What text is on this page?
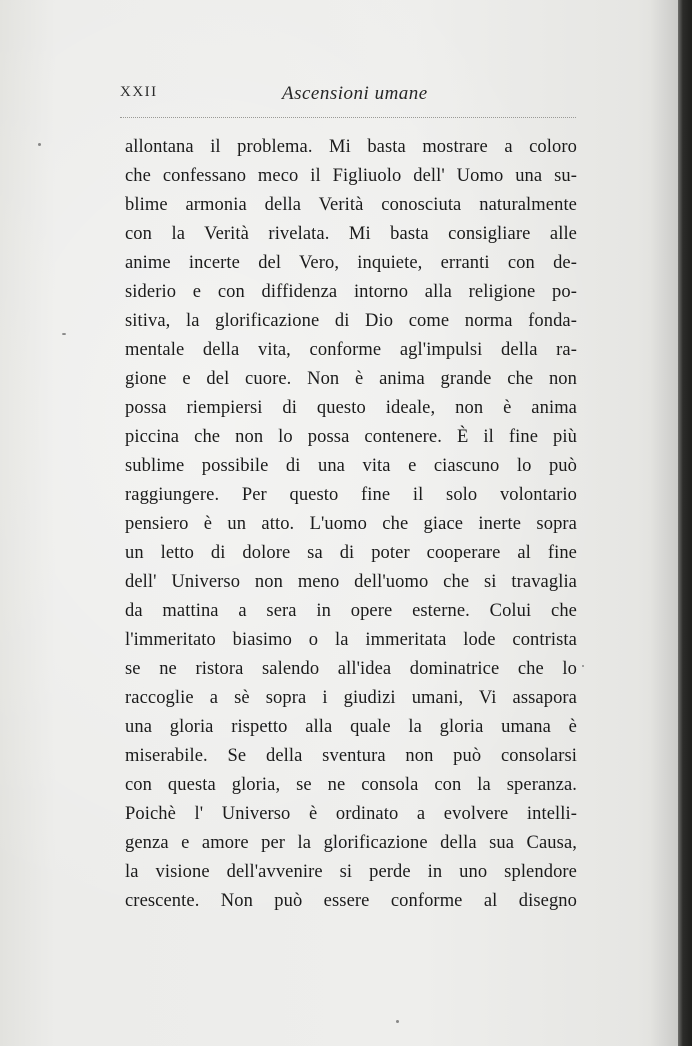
XXII	Ascensioni umane
allontana il problema. Mi basta mostrare a coloro
che confessano meco il Figliuolo dell' Uomo una su-
blime armonia della Verità conosciuta naturalmente
con la Verità rivelata. Mi basta consigliare alle
anime incerte del Vero, inquiete, erranti con de-
siderio e con diffidenza intorno alla religione po-
sitiva, la glorificazione di Dio come norma fonda-
mentale della vita, conforme agl'impulsi della ra-
gione e del cuore. Non è anima grande che non
possa riempiersi di questo ideale, non è anima
piccina che non lo possa contenere. È il fine più
sublime possibile di una vita e ciascuno lo può
raggiungere. Per questo fine il solo volontario
pensiero è un atto. L'uomo che giace inerte sopra
un letto di dolore sa di poter cooperare al fine
dell' Universo non meno dell'uomo che si travaglia
da mattina a sera in opere esterne. Colui che
l'immeritato biasimo o la immeritata lode contrista
se ne ristora salendo all'idea dominatrice che lo
raccoglie a sè sopra i giudizi umani, Vi assapora
una gloria rispetto alla quale la gloria umana è
miserabile. Se della sventura non può consolarsi
con questa gloria, se ne consola con la speranza.
Poichè l' Universo è ordinato a evolvere intelli-
genza e amore per la glorificazione della sua Causa,
la visione dell'avvenire si perde in uno splendore
crescente. Non può essere conforme al disegno
